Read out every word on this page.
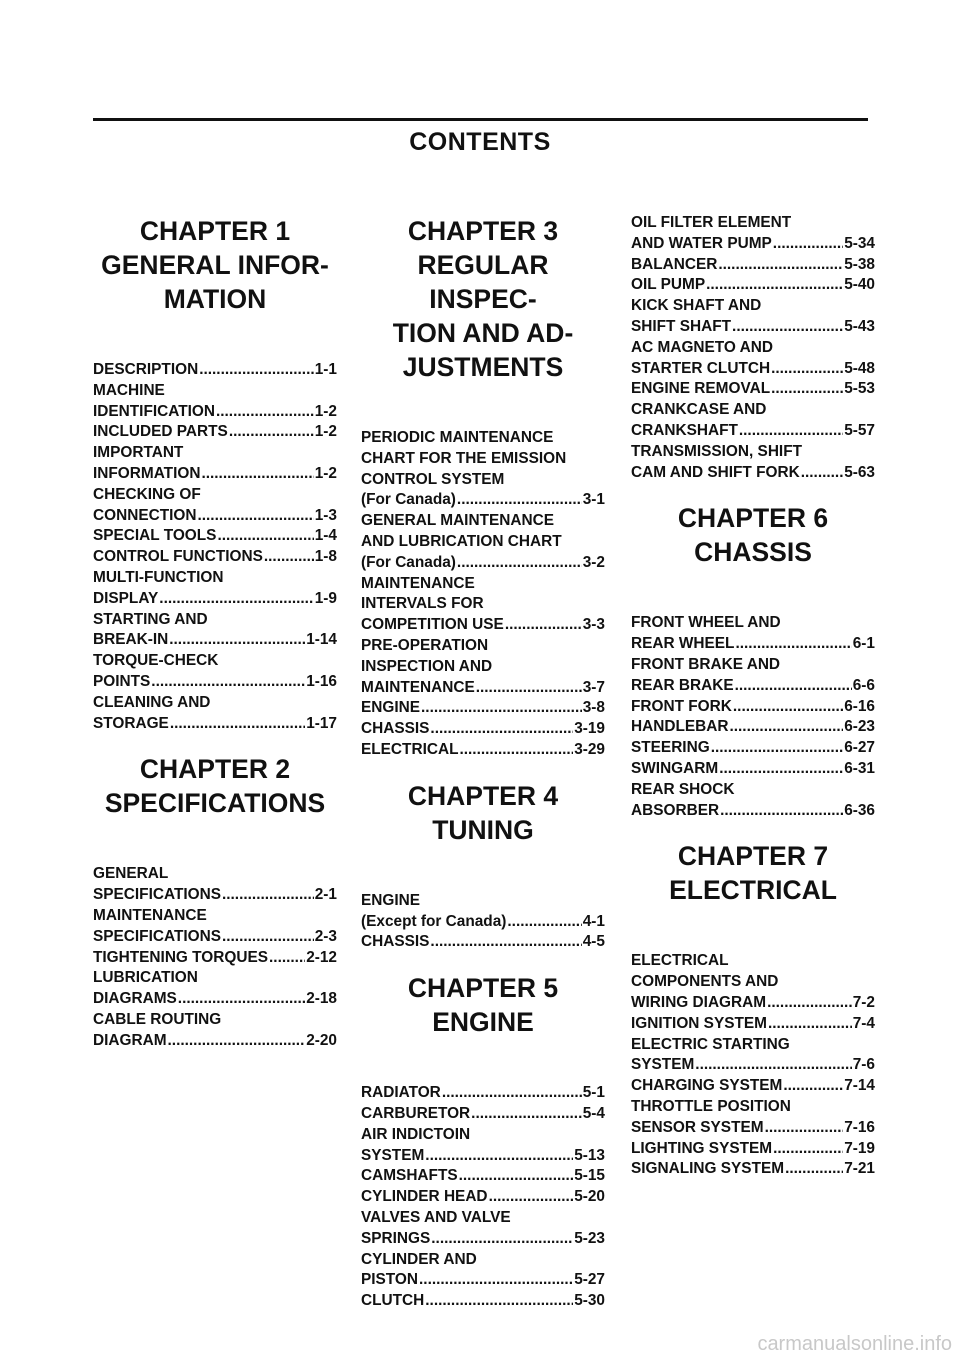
CONTENTS
CHAPTER 1
GENERAL INFOR-
MATION
DESCRIPTION .....	1-1
MACHINE
IDENTIFICATION .....	1-2
INCLUDED PARTS .....	1-2
IMPORTANT
INFORMATION .....	1-2
CHECKING OF
CONNECTION .....	1-3
SPECIAL TOOLS .....	1-4
CONTROL FUNCTIONS .....	1-8
MULTI-FUNCTION
DISPLAY .....	1-9
STARTING AND
BREAK-IN .....	1-14
TORQUE-CHECK
POINTS .....	1-16
CLEANING AND
STORAGE .....	1-17
CHAPTER 2
SPECIFICATIONS
GENERAL
SPECIFICATIONS .....	2-1
MAINTENANCE
SPECIFICATIONS .....	2-3
TIGHTENING TORQUES ..... 2-12
LUBRICATION
DIAGRAMS .....	2-18
CABLE ROUTING
DIAGRAM .....	2-20
CHAPTER 3
REGULAR INSPEC-
TION AND AD-
JUSTMENTS
PERIODIC MAINTENANCE
CHART FOR THE EMISSION
CONTROL SYSTEM
(For Canada) .....	3-1
GENERAL MAINTENANCE
AND LUBRICATION CHART
(For Canada) .....	3-2
MAINTENANCE
INTERVALS FOR
COMPETITION USE .....	3-3
PRE-OPERATION
INSPECTION AND
MAINTENANCE .....	3-7
ENGINE .....	3-8
CHASSIS .....	3-19
ELECTRICAL .....	3-29
CHAPTER 4
TUNING
ENGINE
(Except for Canada) .....	4-1
CHASSIS .....	4-5
CHAPTER 5
ENGINE
RADIATOR .....	5-1
CARBURETOR .....	5-4
AIR INDICTOIN
SYSTEM .....	5-13
CAMSHAFTS .....	5-15
CYLINDER HEAD .....	5-20
VALVES AND VALVE
SPRINGS .....	5-23
CYLINDER AND
PISTON .....	5-27
CLUTCH .....	5-30
OIL FILTER ELEMENT
AND WATER PUMP .....	5-34
BALANCER .....	5-38
OIL PUMP .....	5-40
KICK SHAFT AND
SHIFT SHAFT .....	5-43
AC MAGNETO AND
STARTER CLUTCH .....	5-48
ENGINE REMOVAL .....	5-53
CRANKCASE AND
CRANKSHAFT .....	5-57
TRANSMISSION, SHIFT
CAM AND SHIFT FORK .....	5-63
CHAPTER 6
CHASSIS
FRONT WHEEL AND
REAR WHEEL .....	6-1
FRONT BRAKE AND
REAR BRAKE .....	6-6
FRONT FORK .....	6-16
HANDLEBAR .....	6-23
STEERING .....	6-27
SWINGARM .....	6-31
REAR SHOCK
ABSORBER .....	6-36
CHAPTER 7
ELECTRICAL
ELECTRICAL
COMPONENTS AND
WIRING DIAGRAM .....	7-2
IGNITION SYSTEM .....	7-4
ELECTRIC STARTING
SYSTEM .....	7-6
CHARGING SYSTEM .....	7-14
THROTTLE POSITION
SENSOR SYSTEM .....	7-16
LIGHTING SYSTEM .....	7-19
SIGNALING SYSTEM .....	7-21
carmanualsonline.info
